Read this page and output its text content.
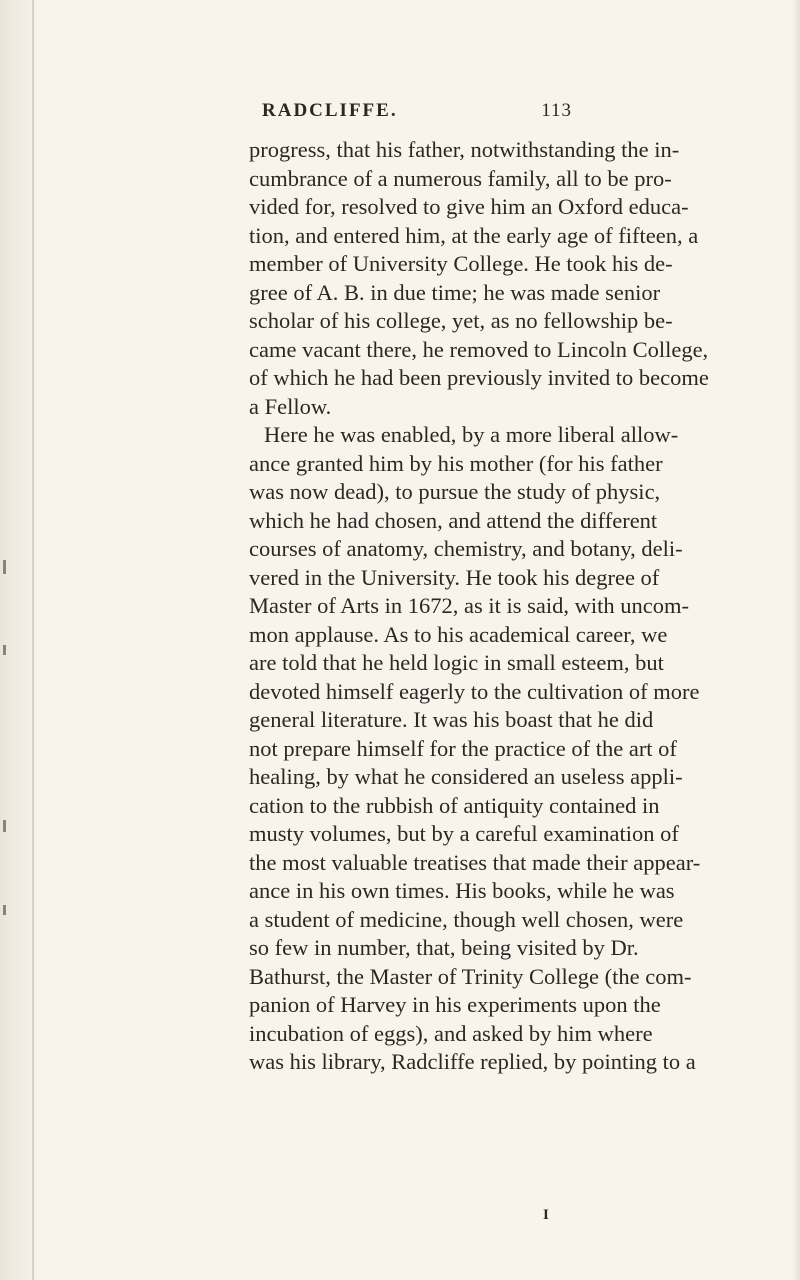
RADCLIFFE.	113
progress, that his father, notwithstanding the in-
cumbrance of a numerous family, all to be pro-
vided for, resolved to give him an Oxford educa-
tion, and entered him, at the early age of fifteen, a
member of University College. He took his de-
gree of A. B. in due time; he was made senior
scholar of his college, yet, as no fellowship be-
came vacant there, he removed to Lincoln College,
of which he had been previously invited to become
a Fellow.
Here he was enabled, by a more liberal allow-
ance granted him by his mother (for his father
was now dead), to pursue the study of physic,
which he had chosen, and attend the different
courses of anatomy, chemistry, and botany, deli-
vered in the University. He took his degree of
Master of Arts in 1672, as it is said, with uncom-
mon applause. As to his academical career, we
are told that he held logic in small esteem, but
devoted himself eagerly to the cultivation of more
general literature. It was his boast that he did
not prepare himself for the practice of the art of
healing, by what he considered an useless appli-
cation to the rubbish of antiquity contained in
musty volumes, but by a careful examination of
the most valuable treatises that made their appear-
ance in his own times. His books, while he was
a student of medicine, though well chosen, were
so few in number, that, being visited by Dr.
Bathurst, the Master of Trinity College (the com-
panion of Harvey in his experiments upon the
incubation of eggs), and asked by him where
was his library, Radcliffe replied, by pointing to a
I
